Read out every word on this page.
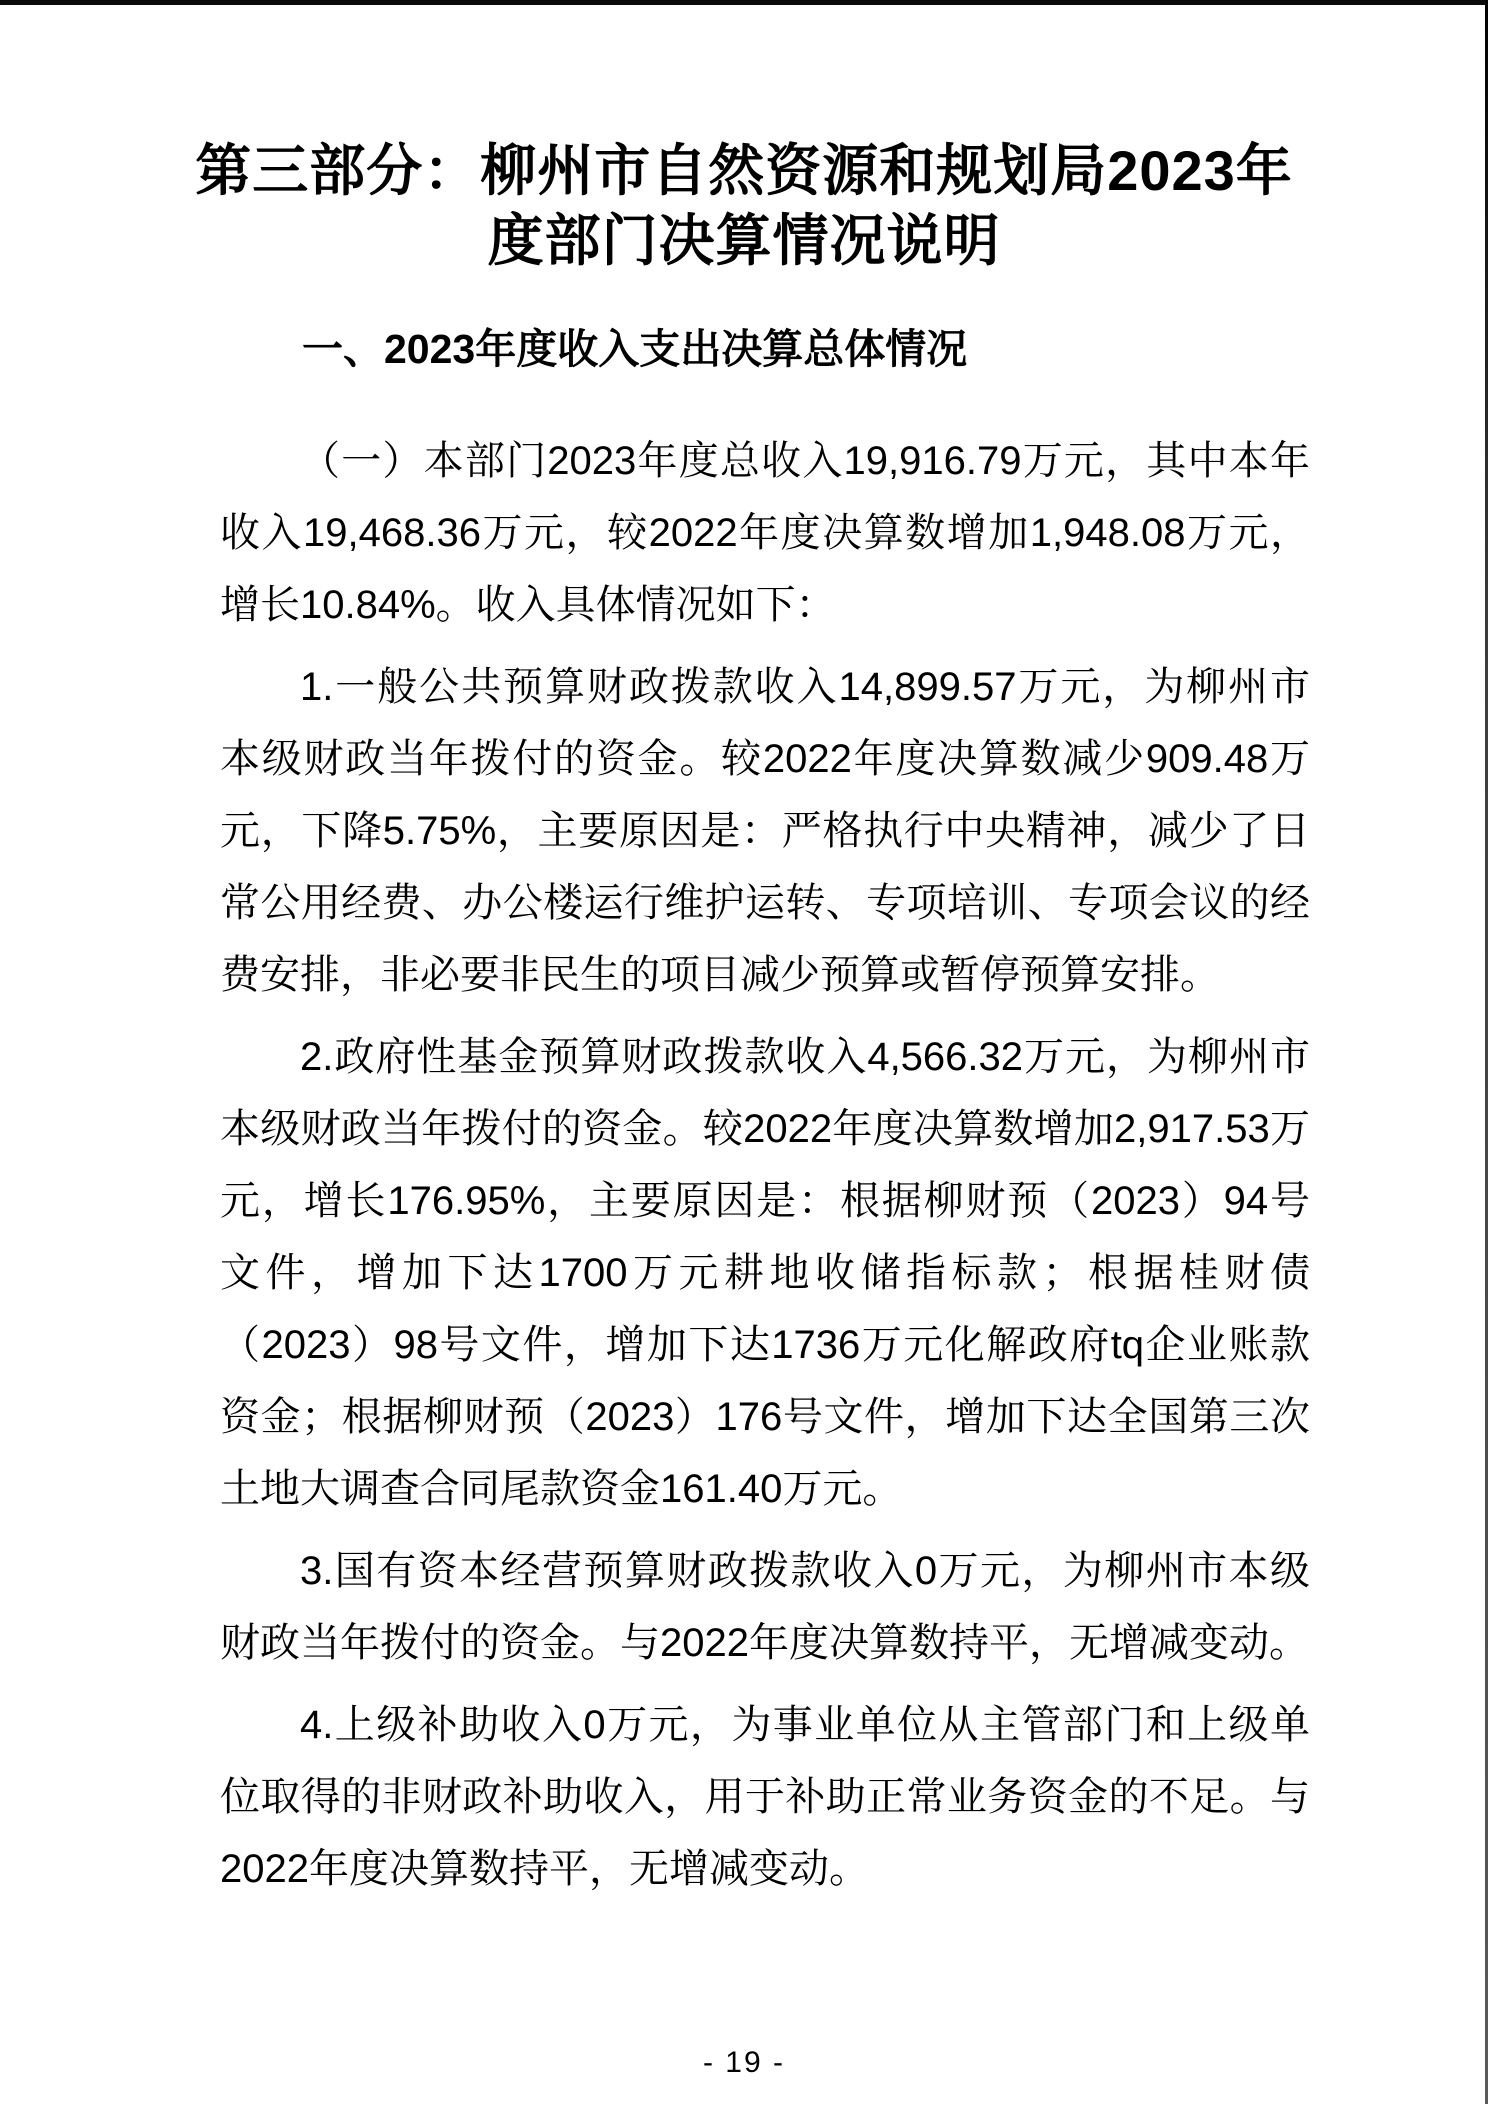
第三部分：柳州市自然资源和规划局2023年
度部门决算情况说明
一、2023年度收入支出决算总体情况

（一）本部门2023年度总收入19,916.79万元，其中本年收入19,468.36万元，较2022年度决算数增加1,948.08万元，增长10.84%。收入具体情况如下：

1.一般公共预算财政拨款收入14,899.57万元，为柳州市本级财政当年拨付的资金。较2022年度决算数减少909.48万元，下降5.75%，主要原因是：严格执行中央精神，减少了日常公用经费、办公楼运行维护运转、专项培训、专项会议的经费安排，非必要非民生的项目减少预算或暂停预算安排。

2.政府性基金预算财政拨款收入4,566.32万元，为柳州市本级财政当年拨付的资金。较2022年度决算数增加2,917.53万元，增长176.95%，主要原因是：根据柳财预（2023）94号文件，增加下达1700万元耕地收储指标款；根据桂财债（2023）98号文件，增加下达1736万元化解政府tq企业账款资金；根据柳财预（2023）176号文件，增加下达全国第三次土地大调查合同尾款资金161.40万元。

3.国有资本经营预算财政拨款收入0万元，为柳州市本级财政当年拨付的资金。与2022年度决算数持平，无增减变动。

4.上级补助收入0万元，为事业单位从主管部门和上级单位取得的非财政补助收入，用于补助正常业务资金的不足。与2022年度决算数持平，无增减变动。

- 19 -
